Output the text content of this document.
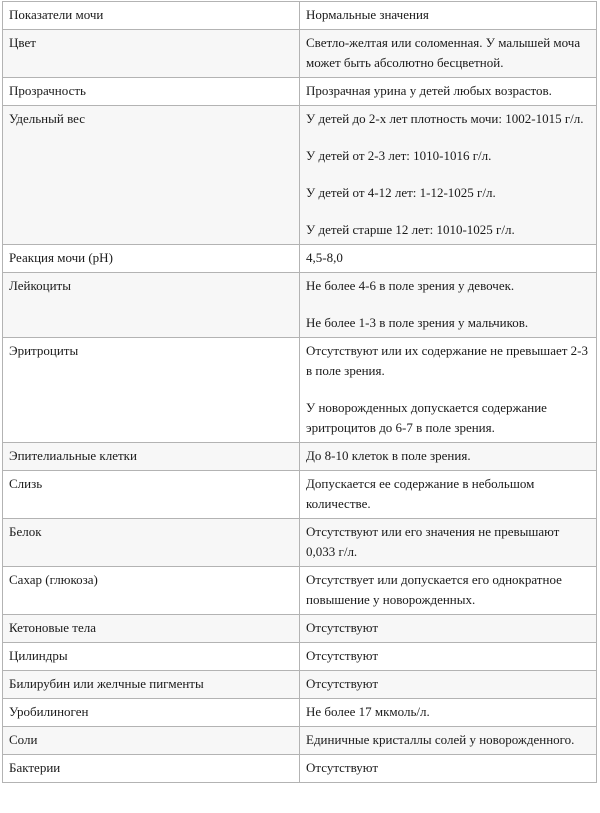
Показатели мочи	Нормальные значения
Цвет	Светло-желтая или соломенная. У малышей моча может быть абсолютно бесцветной.

Прозрачность	Прозрачная урина у детей любых возрастов.

Удельный вес	У детей до 2-х лет плотность мочи: 1002-1015 г/л.
У детей от 2-3 лет: 1010-1016 г/л.
У детей от 4-12 лет: 1-12-1025 г/л.
У детей старше 12 лет: 1010-1025 г/л.

Реакция мочи (pH)	4,5-8,0

Лейкоциты	Не более 4-6 в поле зрения у девочек.
Не более 1-3 в поле зрения у мальчиков.

Эритроциты	Отсутствуют или их содержание не превышает 2-3 в поле зрения.
У новорожденных допускается содержание эритроцитов до 6-7 в поле зрения.

Эпителиальные клетки	До 8-10 клеток в поле зрения.

Слизь	Допускается ее содержание в небольшом количестве.

Белок	Отсутствуют или его значения не превышают 0,033 г/л.

Сахар (глюкоза)	Отсутствует или допускается его однократное повышение у новорожденных.

Кетоновые тела	Отсутствуют

Цилиндры	Отсутствуют

Билирубин или желчные пигменты	Отсутствуют

Уробилиноген	Не более 17 мкмоль/л.

Соли	Единичные кристаллы солей у новорожденного.

Бактерии	Отсутствуют
